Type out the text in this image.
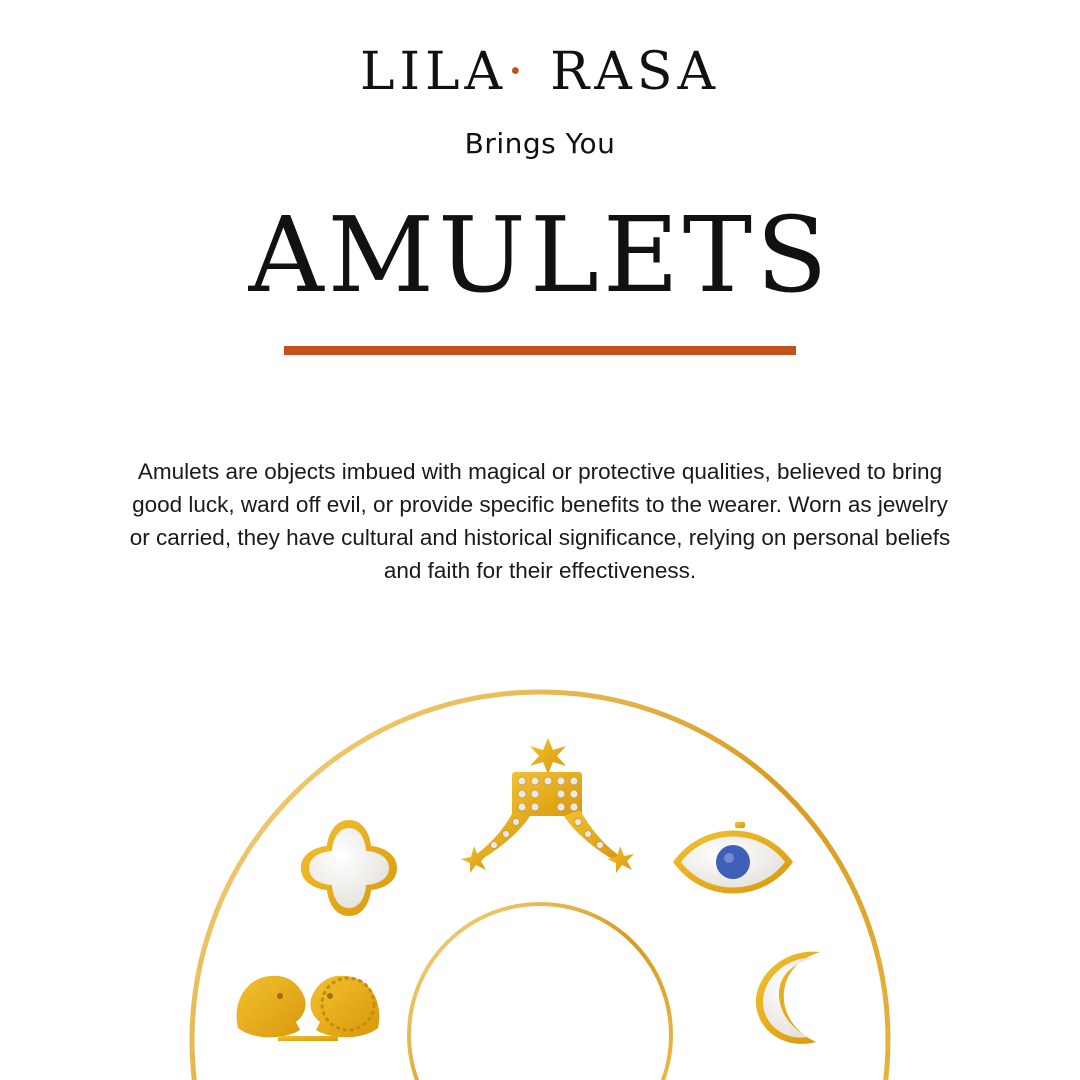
LILA· RASA
Brings You
AMULETS
Amulets are objects imbued with magical or protective qualities, believed to bring good luck, ward off evil, or provide specific benefits to the wearer. Worn as jewelry or carried, they have cultural and historical significance, relying on personal beliefs and faith for their effectiveness.
